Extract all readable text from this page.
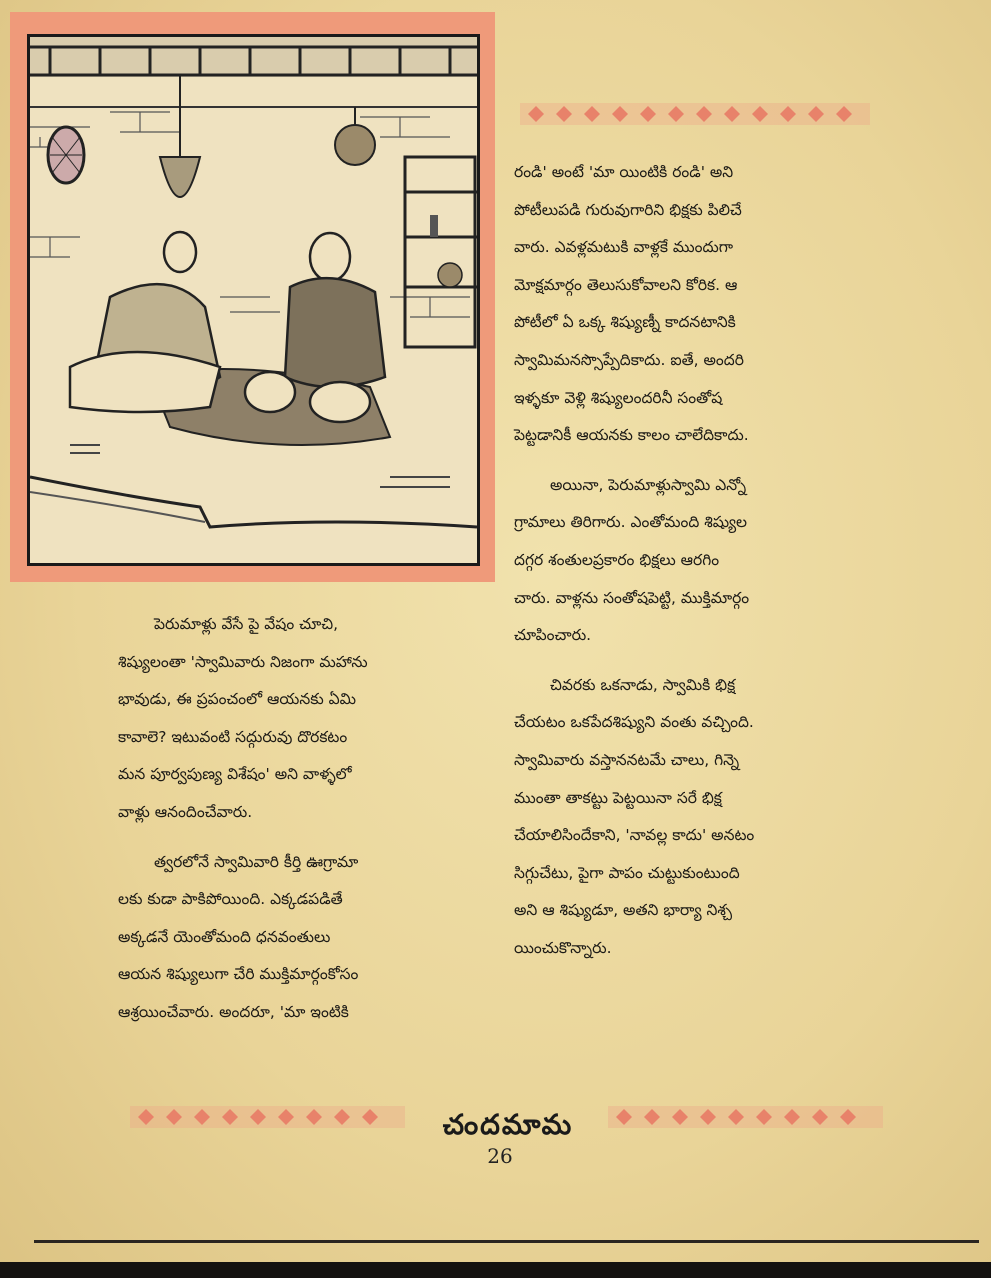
రండి' అంటే 'మా యింటికి రండి' అని

పోటీలుపడి గురువుగారిని భిక్షకు పిలిచే

వారు. ఎవళ్లమటుకి వాళ్లకే ముందుగా

మోక్షమార్గం తెలుసుకోవాలని కోరిక. ఆ

పోటీలో ఏ ఒక్క శిష్యుణ్నీ కాదనటానికి

స్వామిమనస్సొప్పేదికాదు. ఐతే, అందరి

ఇళ్ళకూ వెళ్లి శిష్యులందరినీ సంతోష

పెట్టడానికీ ఆయనకు కాలం చాలేదికాదు.

అయినా, పెరుమాళ్లుస్వామి ఎన్నో

గ్రామాలు తిరిగారు. ఎంతోమంది శిష్యుల

దగ్గర శంతులప్రకారం భిక్షలు ఆరగిం

చారు. వాళ్లను సంతోషపెట్టి, ముక్తిమార్గం

చూపించారు.

చివరకు ఒకనాడు, స్వామికి భిక్ష

చేయటం ఒకపేదశిష్యుని వంతు వచ్చింది.

స్వామివారు వస్తాననటమే చాలు, గిన్నె

ముంతా తాకట్టు పెట్టయినా సరే భిక్ష

చేయాలిసిందేకాని, 'నావల్ల కాదు' అనటం

సిగ్గుచేటు, పైగా పాపం చుట్టుకుంటుంది

అని ఆ శిష్యుడూ, అతని భార్యా నిశ్చ

యించుకొన్నారు.

పెరుమాళ్లు వేసే పై వేషం చూచి,

శిష్యులంతా 'స్వామివారు నిజంగా మహాను

భావుడు, ఈ ప్రపంచంలో ఆయనకు ఏమి

కావాలె? ఇటువంటి సద్గురువు దొరకటం

మన పూర్వపుణ్య విశేషం' అని వాళ్ళలో

వాళ్లు ఆనందించేవారు.

త్వరలోనే స్వామివారి కీర్తి ఊగ్రామా

లకు కుడా పాకిపోయింది. ఎక్కడపడితే

అక్కడనే యెంతోమంది ధనవంతులు

ఆయన శిష్యులుగా చేరి ముక్తిమార్గంకోసం

ఆశ్రయించేవారు. అందరూ, 'మా ఇంటికి

చందమామ
26
